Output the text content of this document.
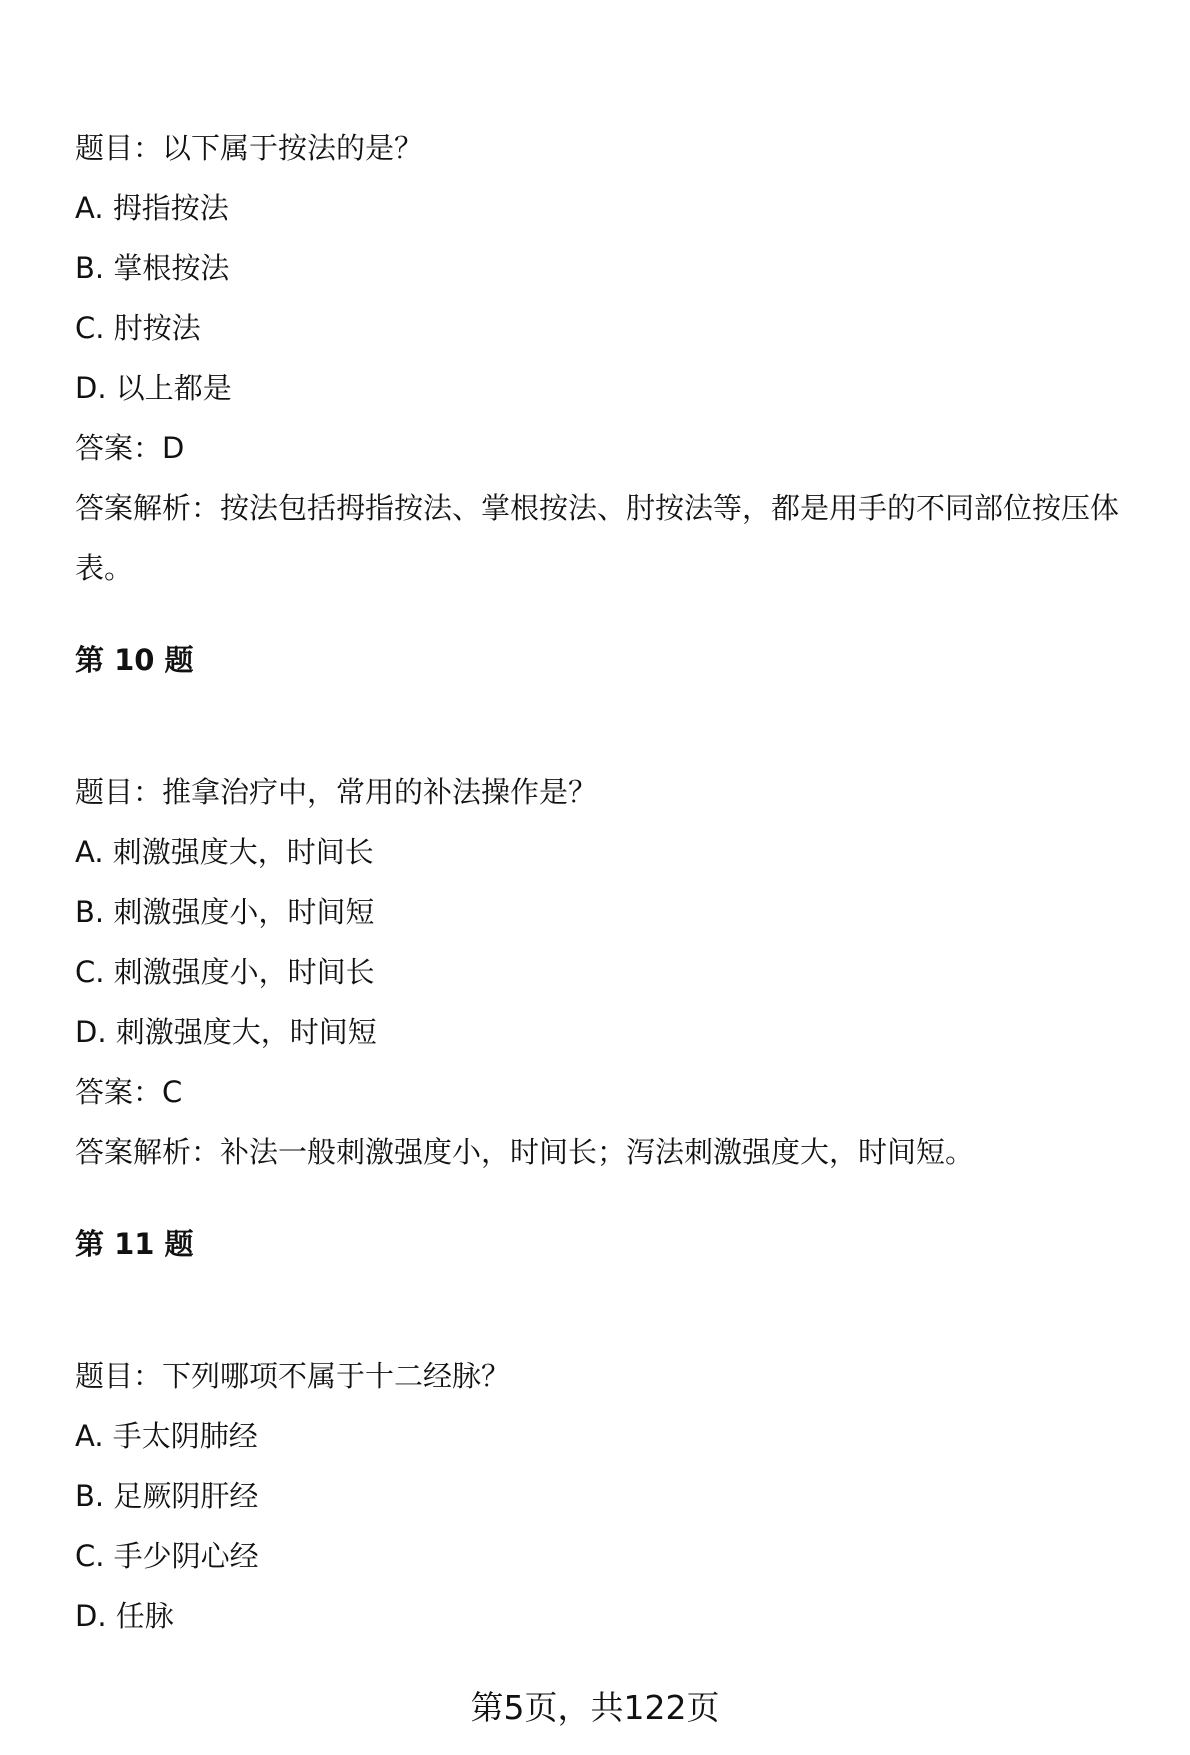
题目：以下属于按法的是？
A. 拇指按法
B. 掌根按法
C. 肘按法
D. 以上都是
答案：D
答案解析：按法包括拇指按法、掌根按法、肘按法等，都是用手的不同部位按压体表。
第 10 题
题目：推拿治疗中，常用的补法操作是？
A. 刺激强度大，时间长
B. 刺激强度小，时间短
C. 刺激强度小，时间长
D. 刺激强度大，时间短
答案：C
答案解析：补法一般刺激强度小，时间长；泻法刺激强度大，时间短。
第 11 题
题目：下列哪项不属于十二经脉？
A. 手太阴肺经
B. 足厥阴肝经
C. 手少阴心经
D. 任脉
第5页，共122页
